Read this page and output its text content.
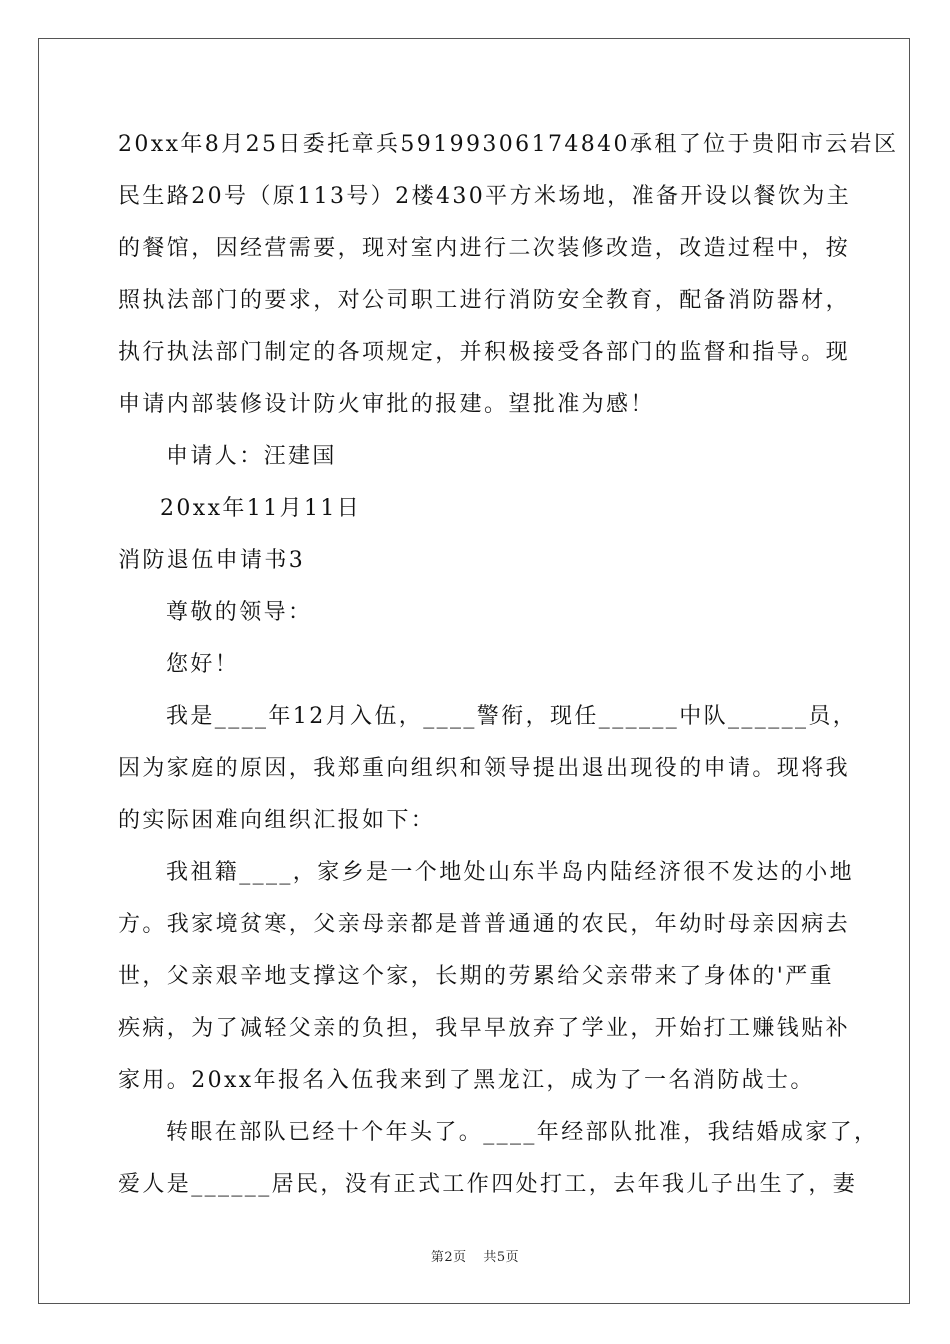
20xx年8月25日委托章兵59199306174840承租了位于贵阳市云岩区
民生路20号（原113号）2楼430平方米场地，准备开设以餐饮为主
的餐馆，因经营需要，现对室内进行二次装修改造，改造过程中，按
照执法部门的要求，对公司职工进行消防安全教育，配备消防器材，
执行执法部门制定的各项规定，并积极接受各部门的监督和指导。现
申请内部装修设计防火审批的报建。望批准为感！
申请人：汪建国
20xx年11月11日
消防退伍申请书3
尊敬的领导：
您好！
我是____年12月入伍，____警衔，现任______中队______员，
因为家庭的原因，我郑重向组织和领导提出退出现役的申请。现将我
的实际困难向组织汇报如下：
我祖籍____，家乡是一个地处山东半岛内陆经济很不发达的小地
方。我家境贫寒，父亲母亲都是普普通通的农民，年幼时母亲因病去
世，父亲艰辛地支撑这个家，长期的劳累给父亲带来了身体的'严重
疾病，为了减轻父亲的负担，我早早放弃了学业，开始打工赚钱贴补
家用。20xx年报名入伍我来到了黑龙江，成为了一名消防战士。
转眼在部队已经十个年头了。____年经部队批准，我结婚成家了，
爱人是______居民，没有正式工作四处打工，去年我儿子出生了，妻
第2页 共5页
